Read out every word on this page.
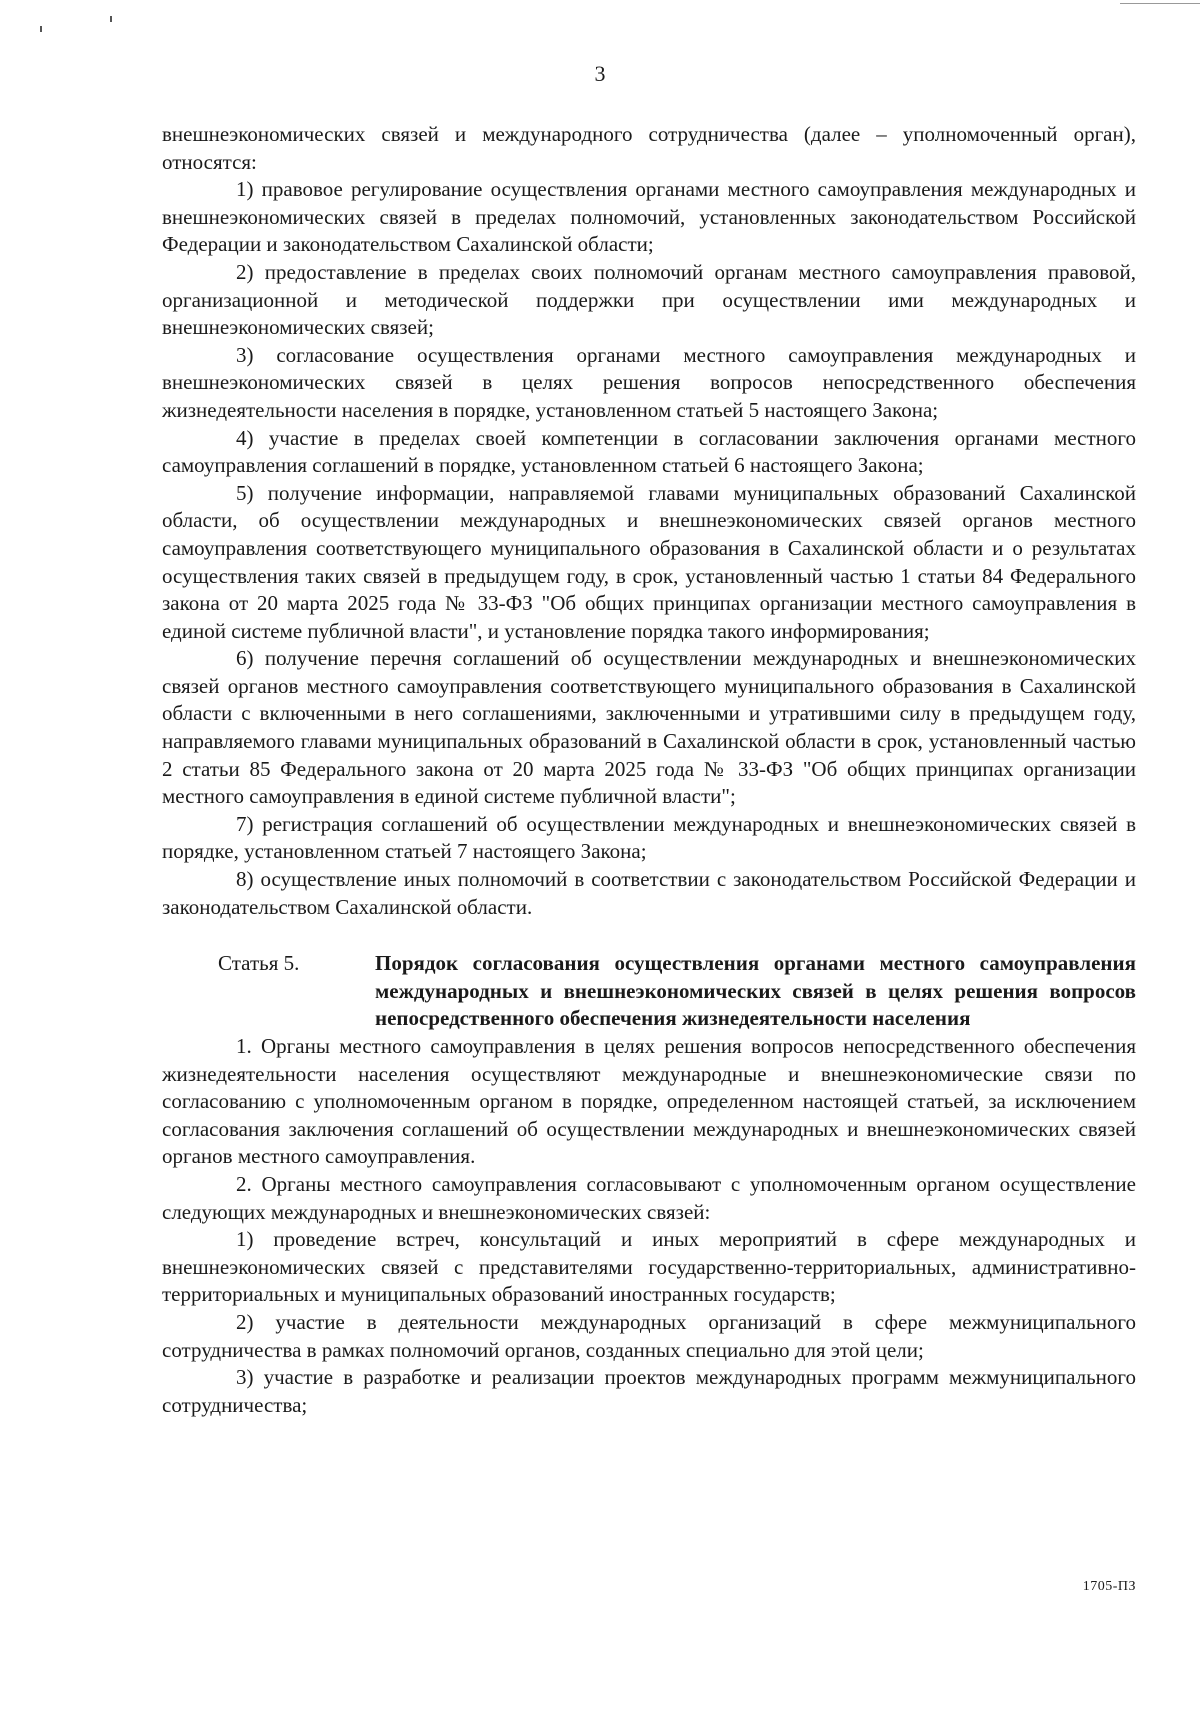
3

внешнеэкономических связей и международного сотрудничества (далее – уполномоченный орган), относятся:

1) правовое регулирование осуществления органами местного самоуправления международных и внешнеэкономических связей в пределах полномочий, установленных законодательством Российской Федерации и законодательством Сахалинской области;

2) предоставление в пределах своих полномочий органам местного самоуправления правовой, организационной и методической поддержки при осуществлении ими международных и внешнеэкономических связей;

3) согласование осуществления органами местного самоуправления международных и внешнеэкономических связей в целях решения вопросов непосредственного обеспечения жизнедеятельности населения в порядке, установленном статьей 5 настоящего Закона;

4) участие в пределах своей компетенции в согласовании заключения органами местного самоуправления соглашений в порядке, установленном статьей 6 настоящего Закона;

5) получение информации, направляемой главами муниципальных образований Сахалинской области, об осуществлении международных и внешнеэкономических связей органов местного самоуправления соответствующего муниципального образования в Сахалинской области и о результатах осуществления таких связей в предыдущем году, в срок, установленный частью 1 статьи 84 Федерального закона от 20 марта 2025 года № 33-ФЗ "Об общих принципах организации местного самоуправления в единой системе публичной власти", и установление порядка такого информирования;

6) получение перечня соглашений об осуществлении международных и внешнеэкономических связей органов местного самоуправления соответствующего муниципального образования в Сахалинской области с включенными в него соглашениями, заключенными и утратившими силу в предыдущем году, направляемого главами муниципальных образований в Сахалинской области в срок, установленный частью 2 статьи 85 Федерального закона от 20 марта 2025 года № 33-ФЗ "Об общих принципах организации местного самоуправления в единой системе публичной власти";

7) регистрация соглашений об осуществлении международных и внешнеэкономических связей в порядке, установленном статьей 7 настоящего Закона;

8) осуществление иных полномочий в соответствии с законодательством Российской Федерации и законодательством Сахалинской области.

Статья 5.	Порядок согласования осуществления органами местного самоуправления международных и внешнеэкономических связей в целях решения вопросов непосредственного обеспечения жизнедеятельности населения

1. Органы местного самоуправления в целях решения вопросов непосредственного обеспечения жизнедеятельности населения осуществляют международные и внешнеэкономические связи по согласованию с уполномоченным органом в порядке, определенном настоящей статьей, за исключением согласования заключения соглашений об осуществлении международных и внешнеэкономических связей органов местного самоуправления.

2. Органы местного самоуправления согласовывают с уполномоченным органом осуществление следующих международных и внешнеэкономических связей:

1) проведение встреч, консультаций и иных мероприятий в сфере международных и внешнеэкономических связей с представителями государственно-территориальных, административно-территориальных и муниципальных образований иностранных государств;

2) участие в деятельности международных организаций в сфере межмуниципального сотрудничества в рамках полномочий органов, созданных специально для этой цели;

3) участие в разработке и реализации проектов международных программ межмуниципального сотрудничества;

1705-ПЗ
